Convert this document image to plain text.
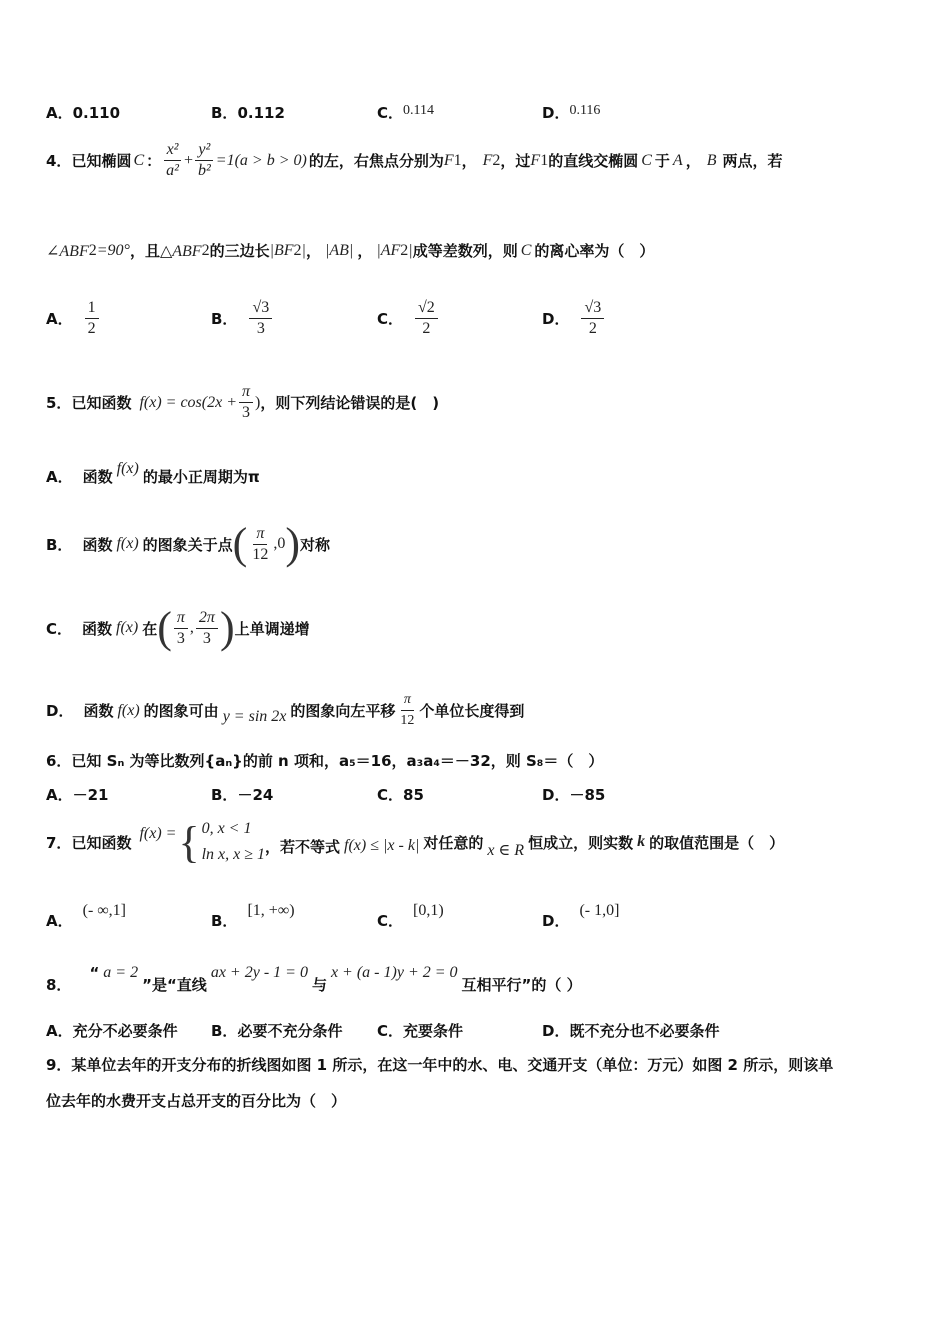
A．0.110	B．0.112	C．0.114	D．0.116
4． 已知椭圆 C ： $\frac{\text{x²}}{\text{a²}} + \frac{\text{y²}}{\text{b²}} =1(a > b > 0)$ 的左，右焦点分别为 F 1 ， F 2 ，过 F 1 的直线交椭圆 C 于 A ， B 两点，若
∠ABF 2 =90° ，且 △ABF 2 的三边长 |BF 2 | ， |AB| ， |AF 2 | 成等差数列，则 C 的离心率为（　）
A． $\frac{1}{2}$	B． $\frac{√3}{3}$	C． $\frac{√2}{2}$	D． $\frac{√3}{2}$
5． 已知函数 $f(x) = \cos(2x + \frac{\pi}{3}$ ) ，则下列结论错误的是(　)
A． 函数 f(x) 的最小正周期为π
B． 函数 f(x) 的图象关于点 ( $\frac{\pi}{12} ,0$ ) 对称
C． 函数 f(x) 在 ( $\frac{\pi}{3}$ , $\frac{2\pi}{3}$ ) 上单调递增
D． 函数 f(x) 的图象可由 y = sin 2x 的图象向左平移 $\frac{\pi}{12}$ 个单位长度得到
6．已知 Sₙ 为等比数列{aₙ}的前 n 项和，a₅＝16，a₃a₄＝－32，则 S₈＝（　）
A．－21	B．－24	C．85	D．－85
7． 已知函数 f(x) = { 0, x < 1
ln x, x ≥ 1 ，若不等式 f(x) ≤ |x - k| 对任意的 x ∈ R 恒成立，则实数 k 的取值范围是（　）
A．
(- ∞,1]
B．
[1, +∞)
C．
[0,1)
D．
(- 1,0]
8．
“ a = 2
”是“直线
ax + 2y - 1 = 0
与
x + (a - 1)y + 2 = 0
互相平行”的（ ）
A．充分不必要条件 B．必要不充分条件 C．充要条件	D．既不充分也不必要条件
9．某单位去年的开支分布的折线图如图 1 所示，在这一年中的水、电、交通开支（单位：万元）如图 2 所示，则该单
位去年的水费开支占总开支的百分比为（　）
